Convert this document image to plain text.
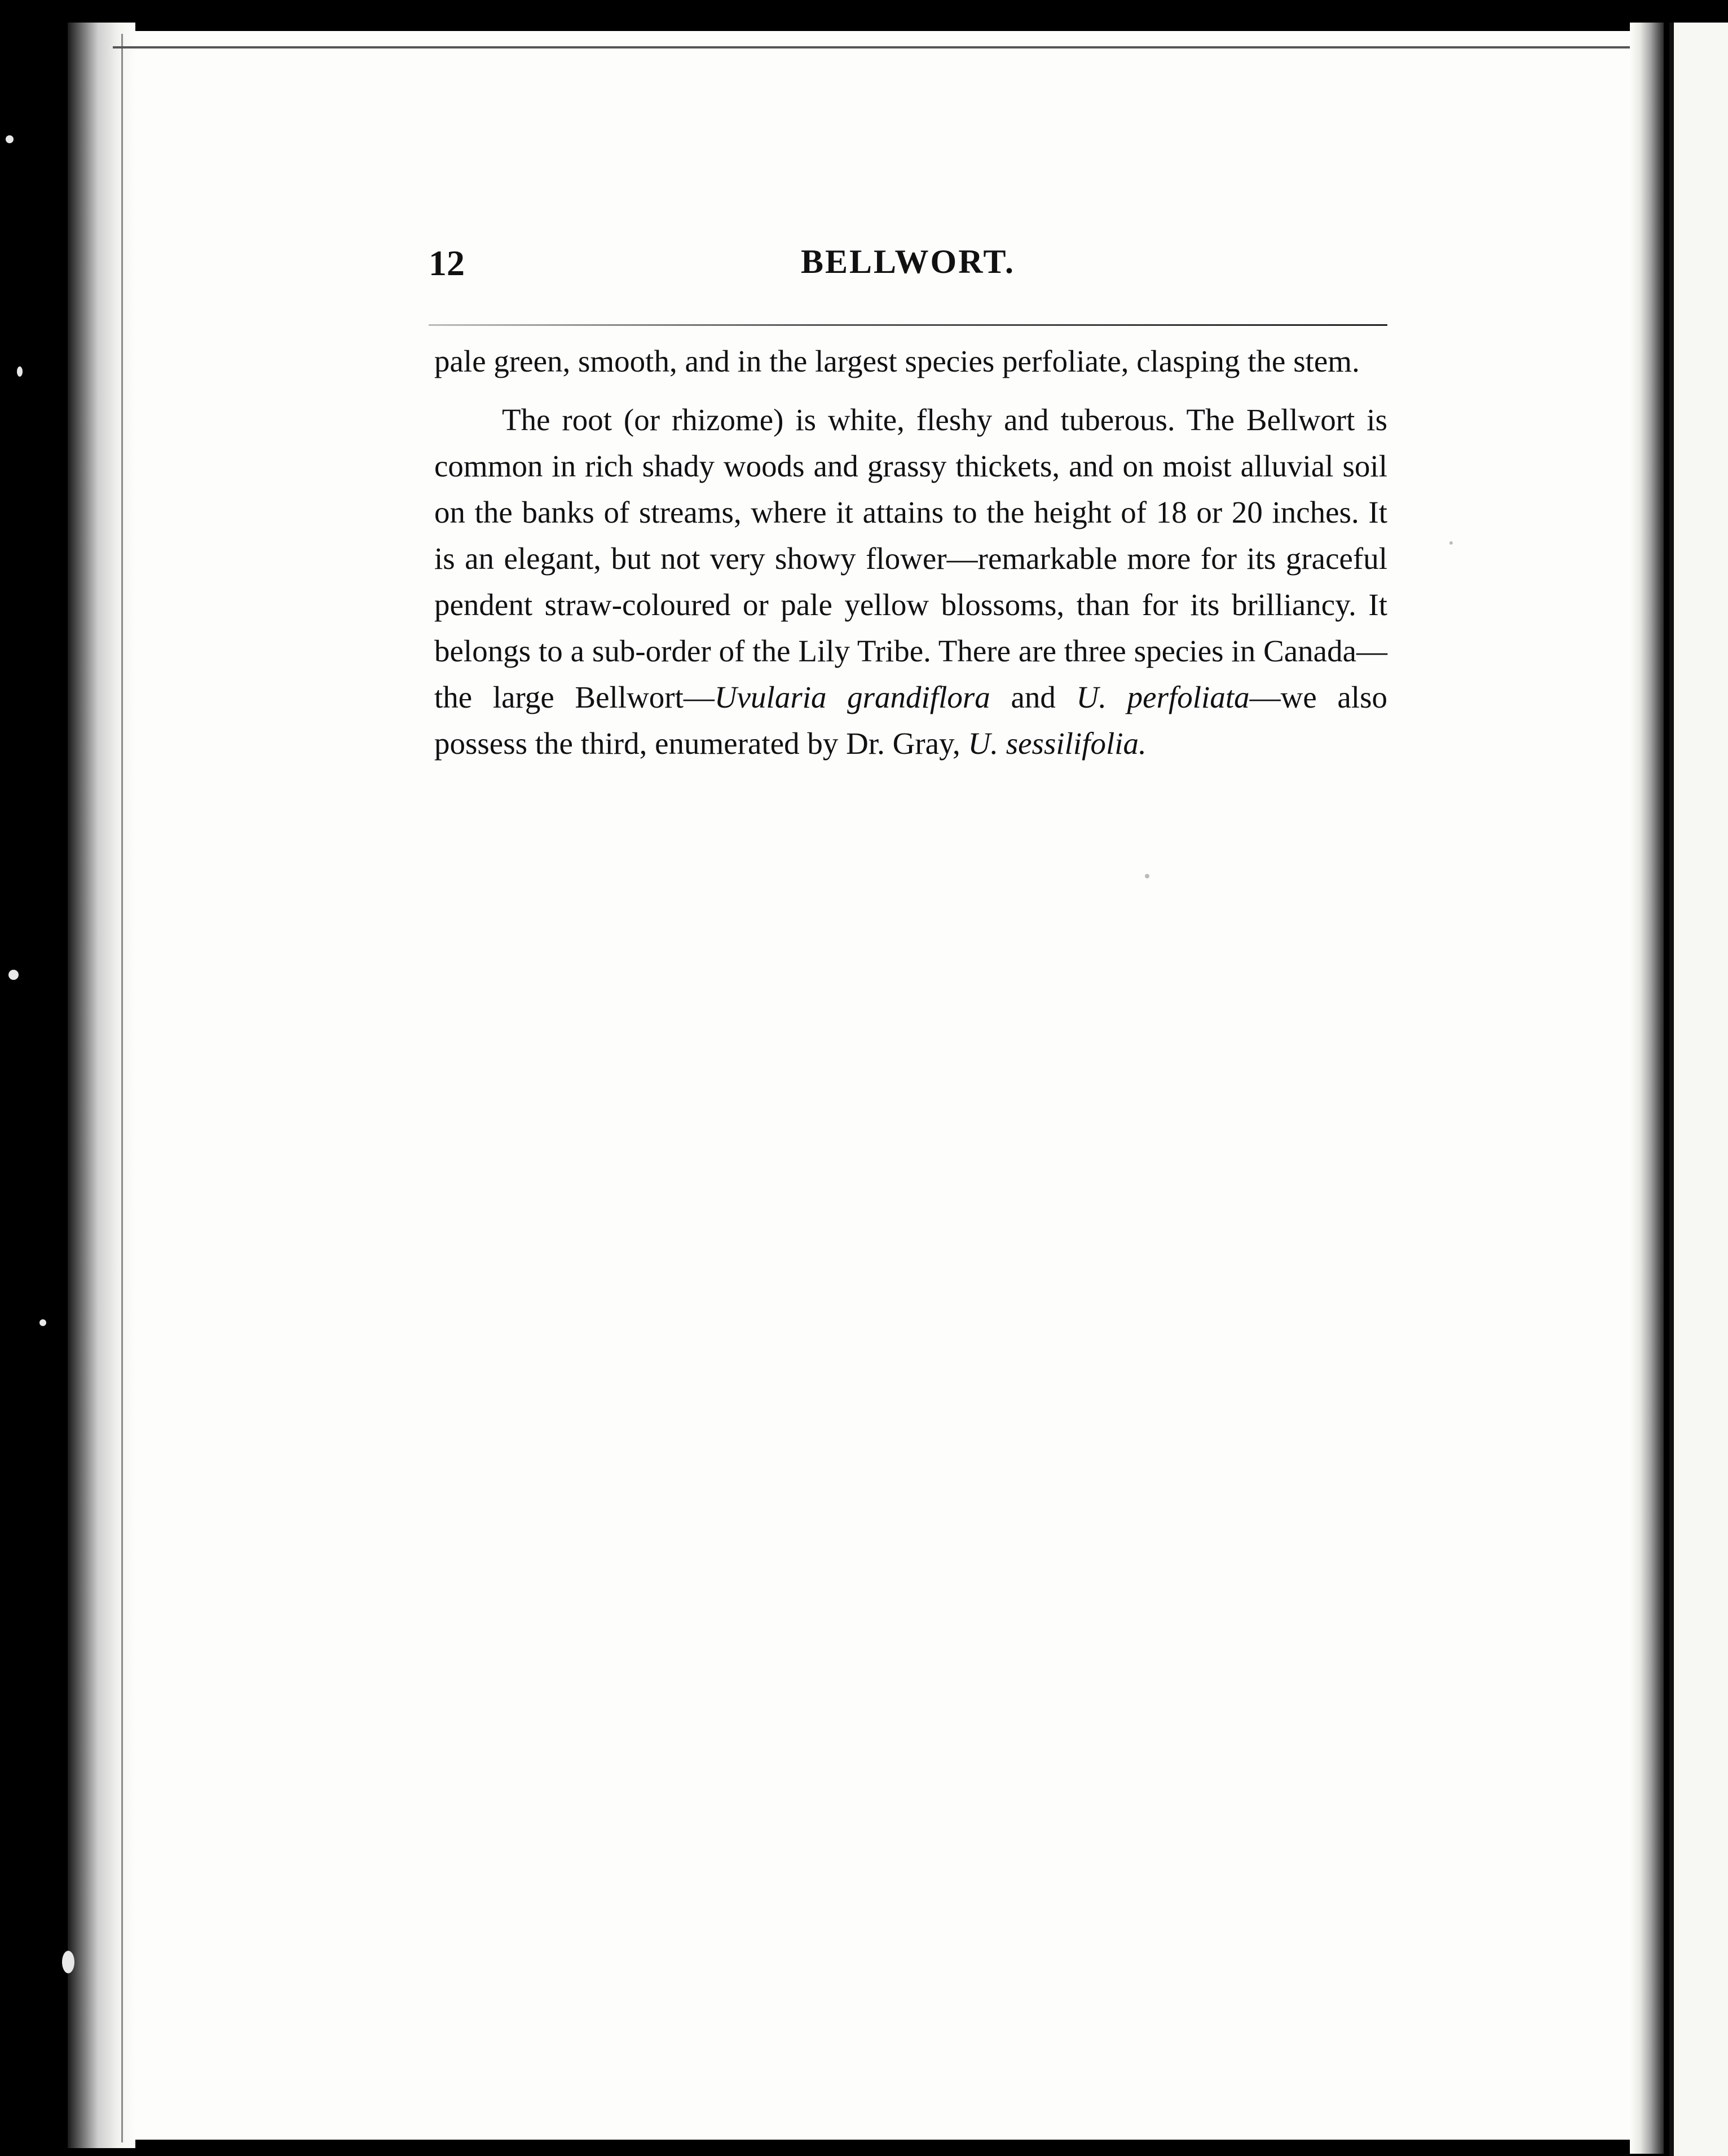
12	BELLWORT.

pale green, smooth, and in the largest species perfoliate, clasping the stem.

The root (or rhizome) is white, fleshy and tuberous. The Bellwort is common in rich shady woods and grassy thickets, and on moist alluvial soil on the banks of streams, where it attains to the height of 18 or 20 inches. It is an elegant, but not very showy flower—remarkable more for its graceful pendent straw-coloured or pale yellow blossoms, than for its brilliancy. It belongs to a sub-order of the Lily Tribe. There are three species in Canada—the large Bellwort—Uvularia grandiflora and U. perfoliata—we also possess the third, enumerated by Dr. Gray, U. sessilifolia.
